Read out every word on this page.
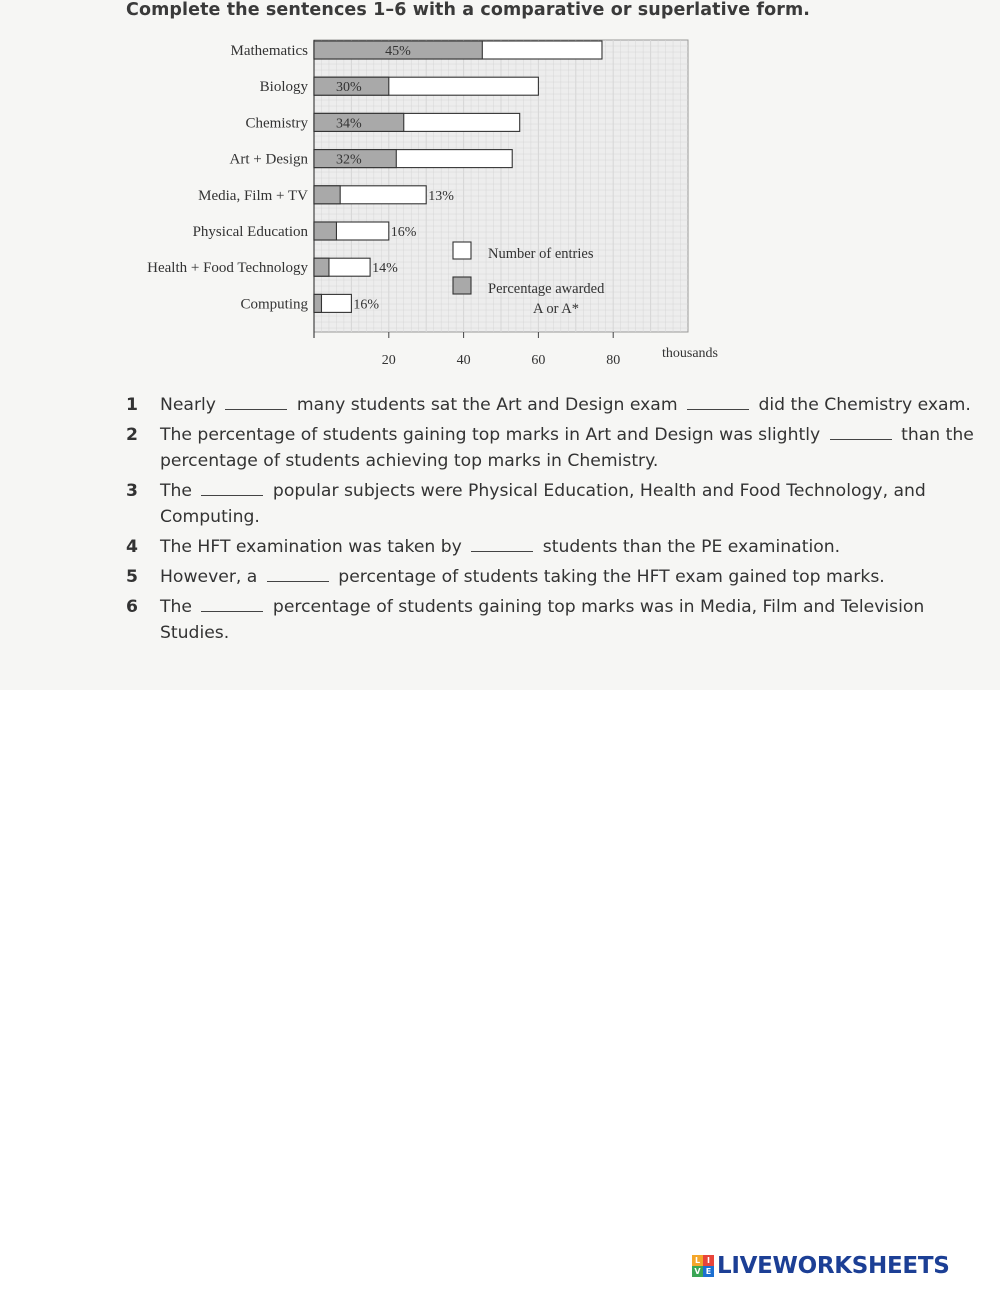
Complete the sentences 1–6 with a comparative or superlative form.
Mathematics	45%
Biology 30%
Chemistry 34%
Art + Design 32%
Media, Film + TV	13%
Physical Education	16%
Health + Food Technology	14%
Computing	16%
20	40	60	80	thousands
Number of entries
Percentage awarded
A or A*
1	Nearly	many students sat the Art and Design exam	did the Chemistry exam.
2	The percentage of students gaining top marks in Art and Design was slightly	than the percentage of students achieving top marks in Chemistry.
3	The	popular subjects were Physical Education, Health and Food Technology, and Computing.
4	The HFT examination was taken by	students than the PE examination.
5	However, a	percentage of students taking the HFT exam gained top marks.
6	The	percentage of students gaining top marks was in Media, Film and Television Studies.
L I
V E LIVEWORKSHEETS
